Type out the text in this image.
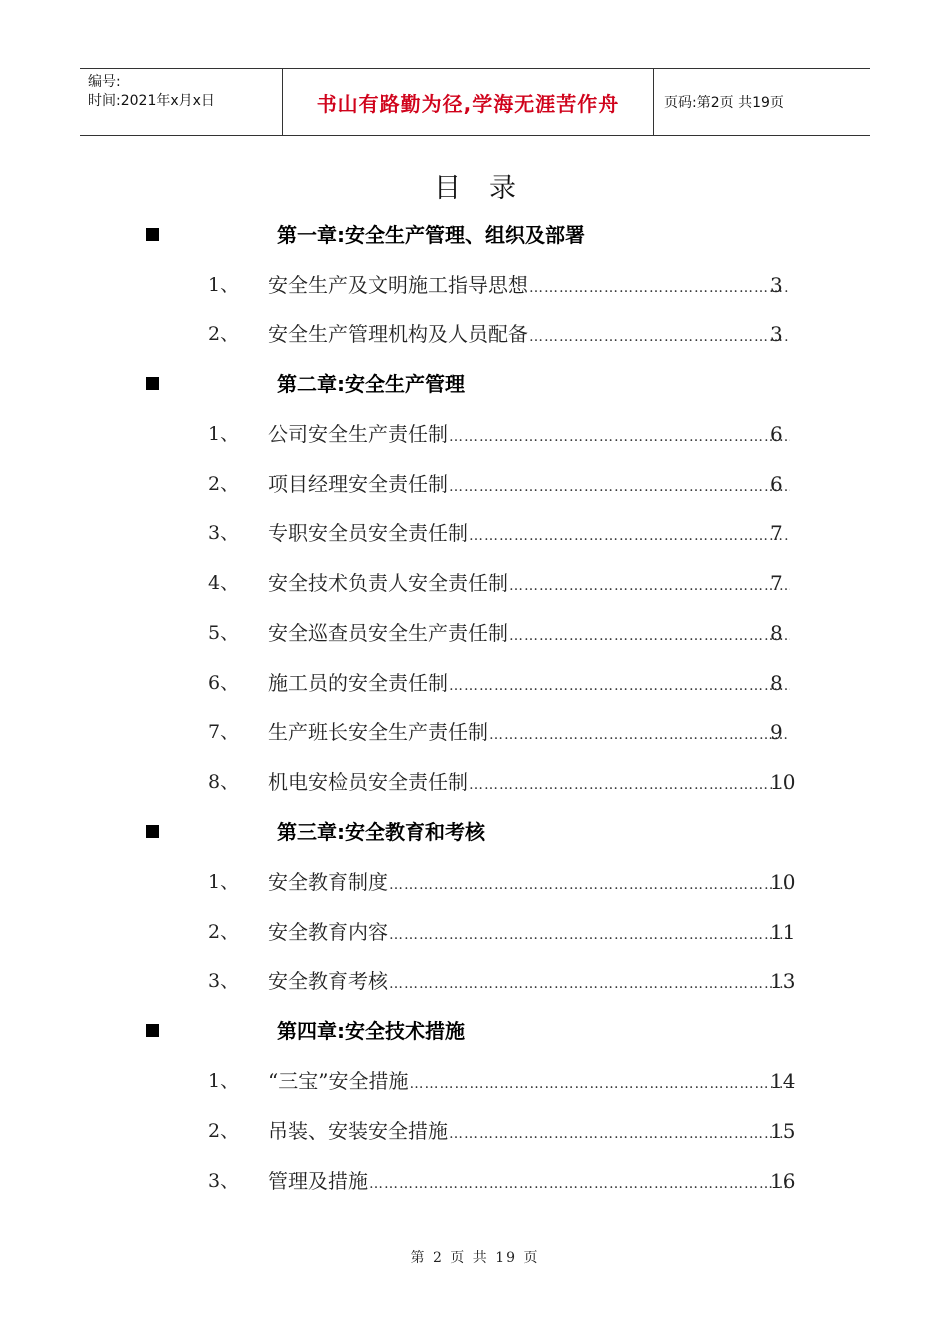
编号:
时间:2021年x月x日	书山有路勤为径,学海无涯苦作舟	页码:第2页 共19页
目录
第一章:安全生产管理、组织及部署
1、 安全生产及文明施工指导思想 …………………………………………………………………………………………………………………………………	3
2、 安全生产管理机构及人员配备 …………………………………………………………………………………………………………………………………	3
第二章:安全生产管理
1、 公司安全生产责任制 …………………………………………………………………………………………………………………………………	6
2、 项目经理安全责任制 …………………………………………………………………………………………………………………………………	6
3、 专职安全员安全责任制 …………………………………………………………………………………………………………………………………	7
4、 安全技术负责人安全责任制 …………………………………………………………………………………………………………………………………	7
5、 安全巡查员安全生产责任制 …………………………………………………………………………………………………………………………………	8
6、 施工员的安全责任制 …………………………………………………………………………………………………………………………………	8
7、 生产班长安全生产责任制 …………………………………………………………………………………………………………………………………	9
8、 机电安检员安全责任制 …………………………………………………………………………………………………………………………………	10
第三章:安全教育和考核
1、 安全教育制度 …………………………………………………………………………………………………………………………………	10
2、 安全教育内容 …………………………………………………………………………………………………………………………………	11
3、 安全教育考核 …………………………………………………………………………………………………………………………………	13
第四章:安全技术措施
1、 “三宝”安全措施 …………………………………………………………………………………………………………………………………	14
2、 吊装、安装安全措施 …………………………………………………………………………………………………………………………………	15
3、 管理及措施 …………………………………………………………………………………………………………………………………	16
第 2 页 共 19 页
